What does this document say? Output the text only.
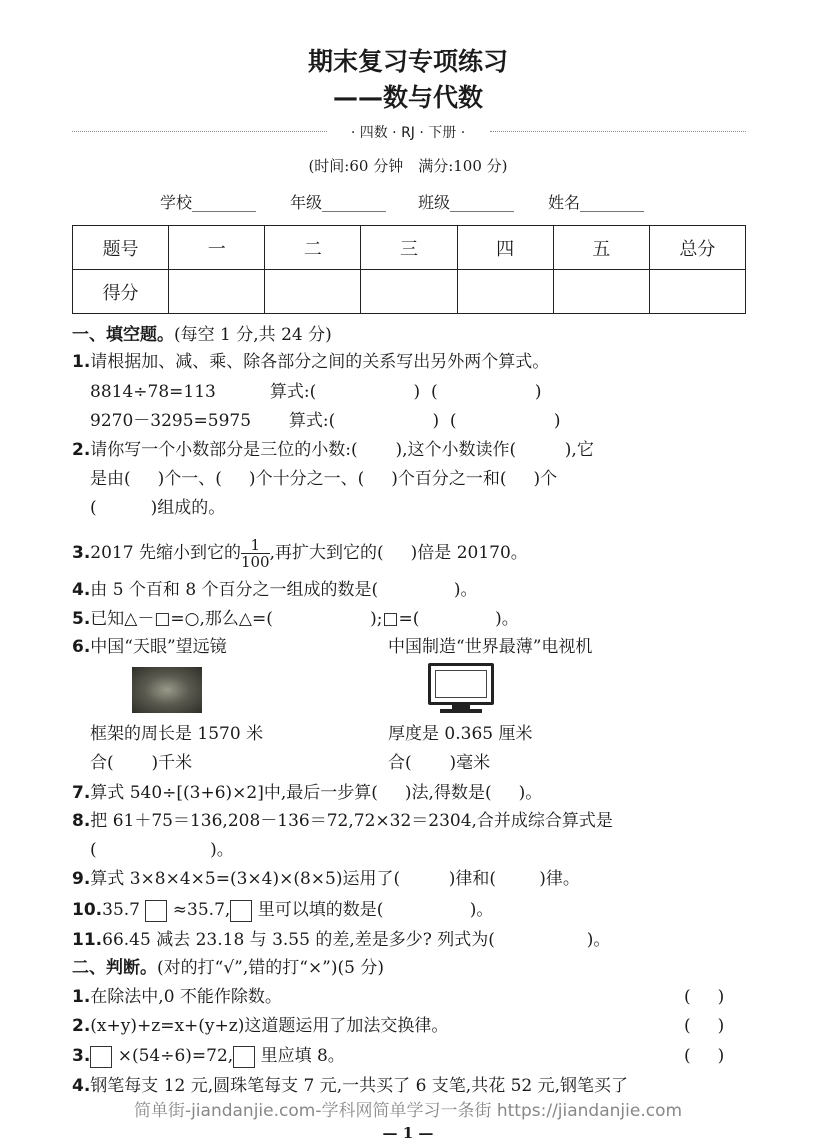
期末复习专项练习
——数与代数
· 四数 · RJ · 下册 ·
(时间:60 分钟　满分:100 分)
学校________ 年级________ 班级________ 姓名________
题号	一	二	三	四	五	总分
得分						
一、填空题。(每空 1 分,共 24 分)
1.请根据加、减、乘、除各部分之间的关系写出另外两个算式。
8814÷78=113          算式:(                  )  (                  )
9270－3295=5975       算式:(                  )  (                  )
2.请你写一个小数部分是三位的小数:(       ),这个小数读作(         ),它
是由(     )个一、(     )个十分之一、(     )个百分之一和(     )个
(          )组成的。
3.2017 先缩小到它的 $\frac{1}{100}$ ,再扩大到它的(     )倍是 20170。
4.由 5 个百和 8 个百分之一组成的数是(              )。
5.已知△－□=○,那么△=(                  );□=(              )。
6.中国“天眼”望远镜	中国制造“世界最薄”电视机
框架的周长是 1570 米
合(       )千米
厚度是 0.365 厘米
合(       )毫米
7.算式 540÷[(3+6)×2]中,最后一步算(     )法,得数是(     )。
8.把 61＋75＝136,208－136＝72,72×32＝2304,合并成综合算式是
(                     )。
9.算式 3×8×4×5=(3×4)×(8×5)运用了(         )律和(        )律。
10.35.7  ≈35.7, 里可以填的数是(                )。
11.66.45 减去 23.18 与 3.55 的差,差是多少? 列式为(                 )。
二、判断。(对的打“√”,错的打“×”)(5 分)
1.在除法中,0 不能作除数。	(     )
2.(x+y)+z=x+(y+z)这道题运用了加法交换律。	(     )
3. ×(54÷6)=72, 里应填 8。	(     )
4.钢笔每支 12 元,圆珠笔每支 7 元,一共买了 6 支笔,共花 52 元,钢笔买了
简单街-jiandanjie.com-学科网简单学习一条街 https://jiandanjie.com
— 1 —
